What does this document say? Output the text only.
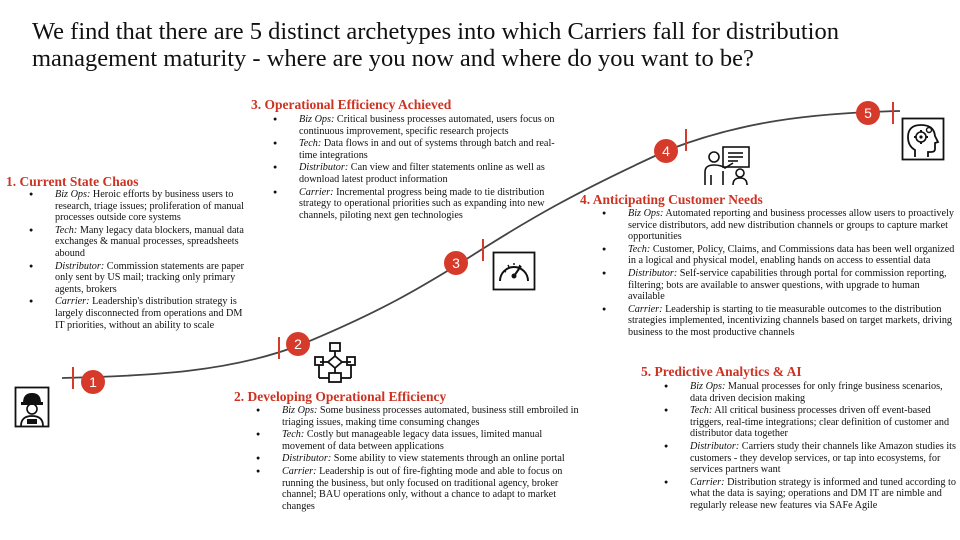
We find that there are 5 distinct archetypes into which Carriers fall for distribution
management maturity - where are you now and where do you want to be?
1
2
3
4
5
1. Current State Chaos
● Biz Ops: Heroic efforts by business users to research, triage issues; proliferation of manual processes outside core systems
● Tech: Many legacy data blockers, manual data exchanges & manual processes, spreadsheets abound
● Distributor: Commission statements are paper only sent by US mail; tracking only primary agents, brokers
● Carrier: Leadership's distribution strategy is largely disconnected from operations and DM IT priorities, without an ability to scale
2. Developing Operational Efficiency
● Biz Ops: Some business processes automated, business still embroiled in triaging issues, making time consuming changes
● Tech: Costly but manageable legacy data issues, limited manual movement of data between applications
● Distributor: Some ability to view statements through an online portal
● Carrier: Leadership is out of fire-fighting mode and able to focus on running the business, but only focused on traditional agency, broker channel; BAU operations only, without a chance to adapt to market changes
3. Operational Efficiency Achieved
● Biz Ops: Critical business processes automated, users focus on continuous improvement, specific research projects
● Tech: Data flows in and out of systems through batch and real-time integrations
● Distributor: Can view and filter statements online as well as download latest product information
● Carrier: Incremental progress being made to tie distribution strategy to operational priorities such as expanding into new channels, piloting next gen technologies
4. Anticipating Customer Needs
● Biz Ops: Automated reporting and business processes allow users to proactively service distributors, add new distribution channels or groups to capture market opportunities
● Tech: Customer, Policy, Claims, and Commissions data has been well organized in a logical and physical model, enabling hands on access to essential data
● Distributor: Self-service capabilities through portal for commission reporting, filtering; bots are available to answer questions, with upgrade to human available
● Carrier: Leadership is starting to tie measurable outcomes to the distribution strategies implemented, incentivizing channels based on target markets, driving business to the most productive channels
5. Predictive Analytics & AI
● Biz Ops: Manual processes for only fringe business scenarios, data driven decision making
● Tech: All critical business processes driven off event-based triggers, real-time integrations; clear definition of customer and distributor data together
● Distributor: Carriers study their channels like Amazon studies its customers - they develop services, or tap into ecosystems, for services partners want
● Carrier: Distribution strategy is informed and tuned according to what the data is saying; operations and DM IT are nimble and regularly release new features via SAFe Agile
